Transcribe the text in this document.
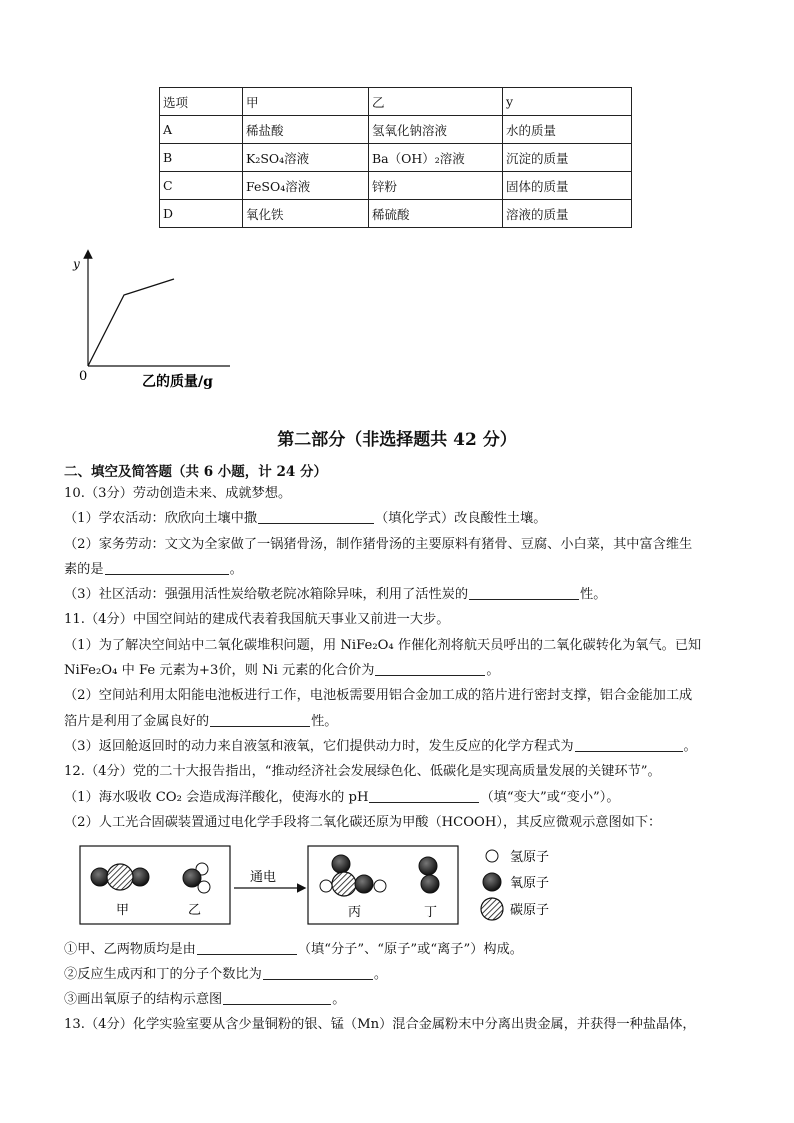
选项	甲	乙	y
A	稀盐酸	氢氧化钠溶液	水的质量
B	K₂SO₄溶液	Ba（OH）₂溶液	沉淀的质量
C	FeSO₄溶液	锌粉	固体的质量
D	氧化铁	稀硫酸	溶液的质量
y
0	乙的质量/g
第二部分（非选择题共 42 分）
二、填空及简答题（共 6 小题，计 24 分）
10.（3分）劳动创造未来、成就梦想。
（1）学农活动：欣欣向土壤中撒	（填化学式）改良酸性土壤。
（2）家务劳动：文文为全家做了一锅猪骨汤，制作猪骨汤的主要原料有猪骨、豆腐、小白菜，其中富含维生
素的是	。
（3）社区活动：强强用活性炭给敬老院冰箱除异味，利用了活性炭的	性。
11.（4分）中国空间站的建成代表着我国航天事业又前进一大步。
（1）为了解决空间站中二氧化碳堆积问题，用 NiFe₂O₄ 作催化剂将航天员呼出的二氧化碳转化为氧气。已知
NiFe₂O₄ 中 Fe 元素为+3价，则 Ni 元素的化合价为	。
（2）空间站利用太阳能电池板进行工作，电池板需要用铝合金加工成的箔片进行密封支撑，铝合金能加工成
箔片是利用了金属良好的	性。
（3）返回舱返回时的动力来自液氢和液氧，它们提供动力时，发生反应的化学方程式为	。
12.（4分）党的二十大报告指出，“推动经济社会发展绿色化、低碳化是实现高质量发展的关键环节”。
（1）海水吸收 CO₂ 会造成海洋酸化，使海水的 pH	（填“变大”或“变小”）。
（2）人工光合固碳装置通过电化学手段将二氧化碳还原为甲酸（HCOOH），其反应微观示意图如下：
甲	乙
通电
丙	丁
氢原子
氧原子
碳原子
①甲、乙两物质均是由	（填“分子”、“原子”或“离子”）构成。
②反应生成丙和丁的分子个数比为	。
③画出氧原子的结构示意图	。
13.（4分）化学实验室要从含少量铜粉的银、锰（Mn）混合金属粉末中分离出贵金属，并获得一种盐晶体，
